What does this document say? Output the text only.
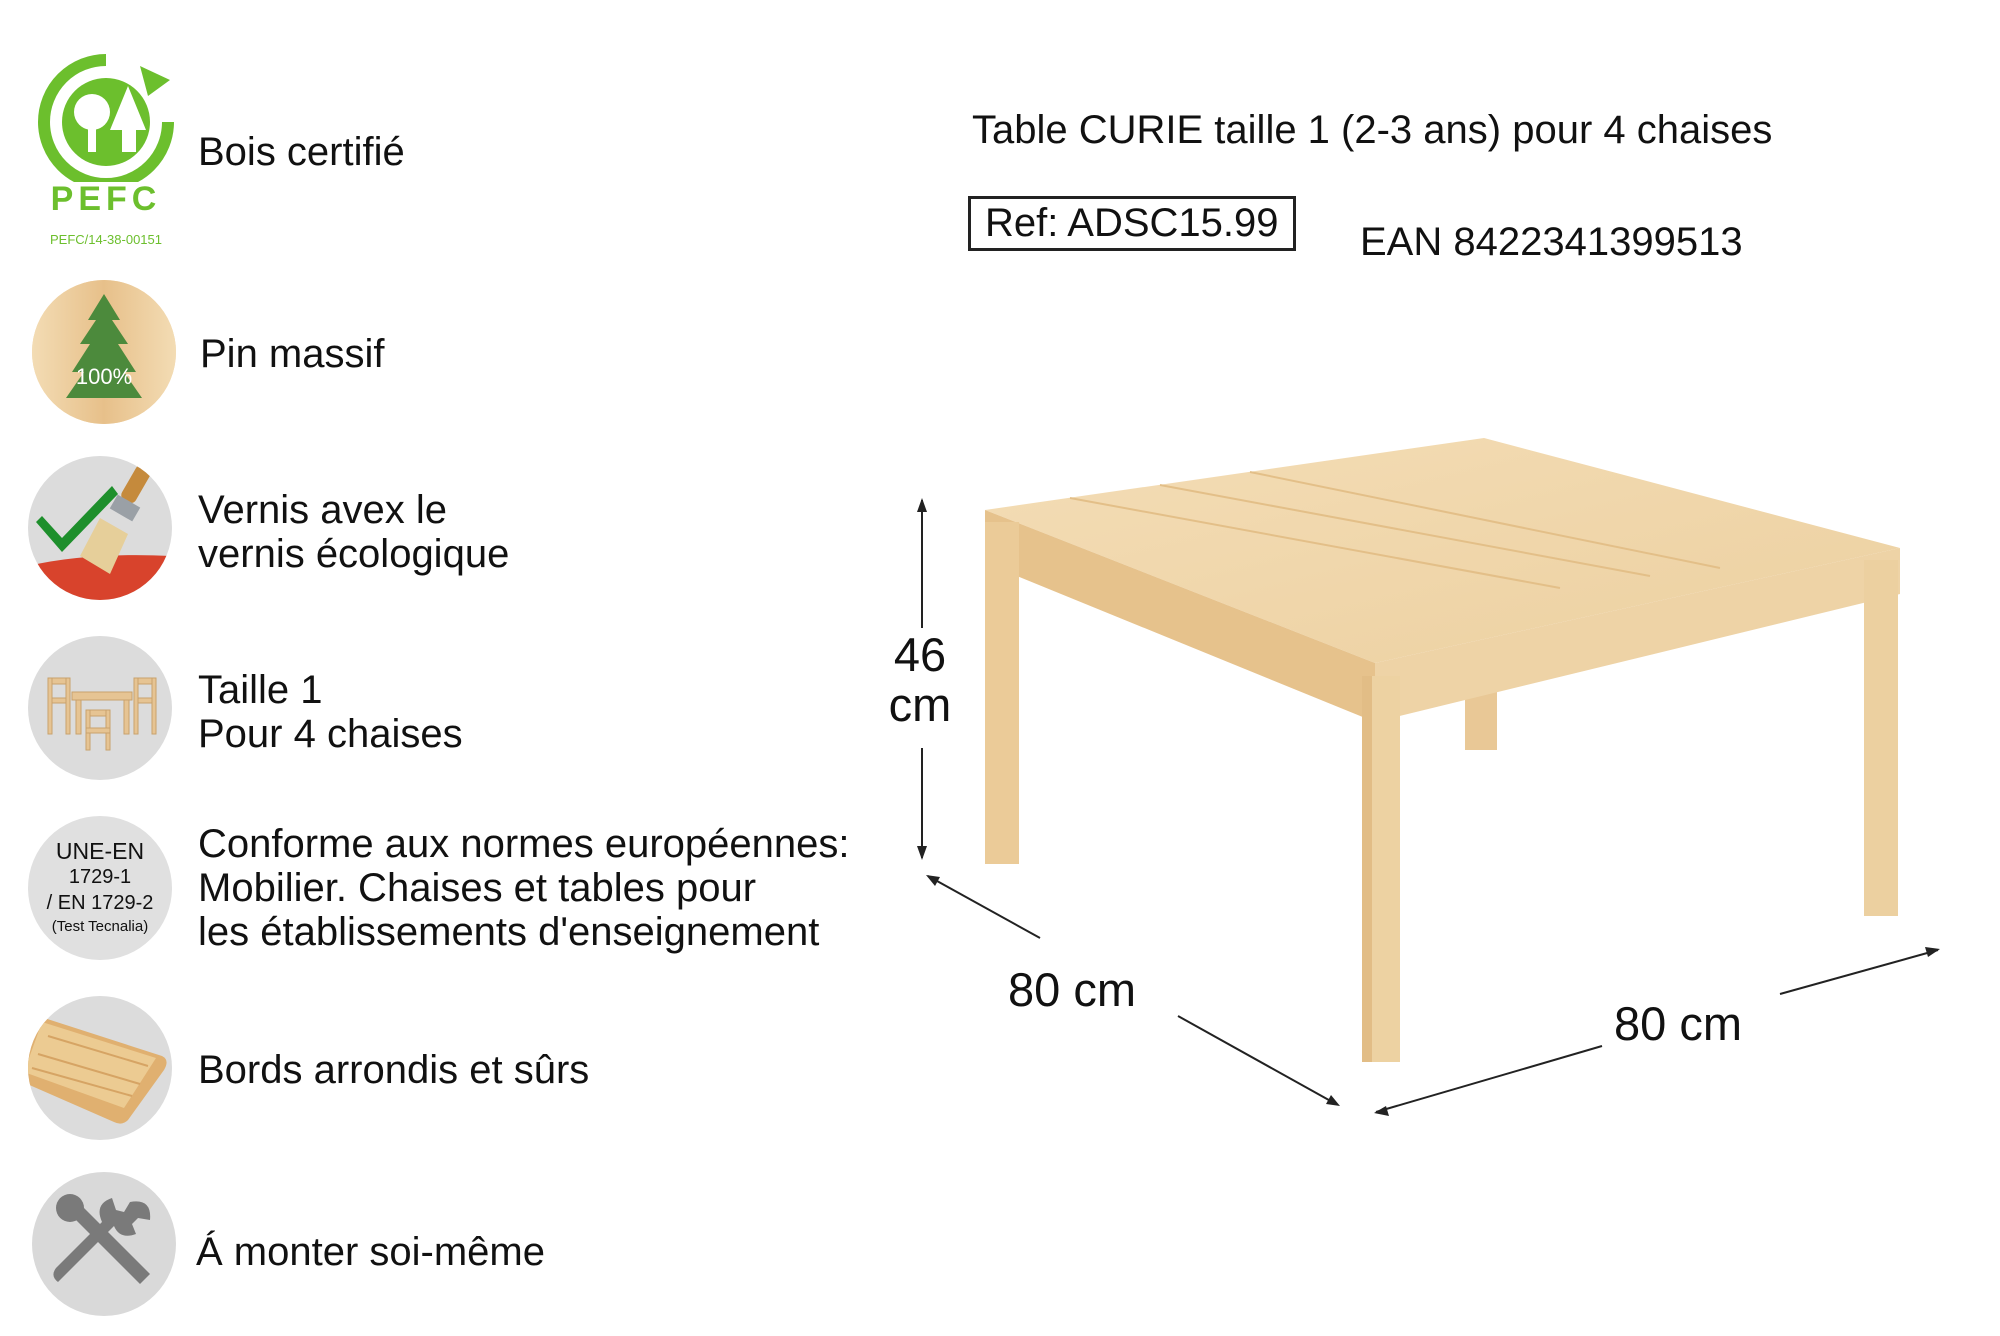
PEFC
PEFC/14-38-00151
Bois certifié
100%
Pin massif
Vernis avex le
vernis écologique
Taille 1
Pour 4 chaises
UNE-EN
1729-1
/ EN 1729-2
(Test Tecnalia)
Conforme aux normes européennes:
Mobilier. Chaises et tables pour
les établissements d'enseignement
Bords arrondis et sûrs
Á monter soi-même
Table CURIE taille 1 (2-3 ans) pour 4 chaises
Ref: ADSC15.99	EAN 8422341399513
46
cm
80 cm
80 cm
